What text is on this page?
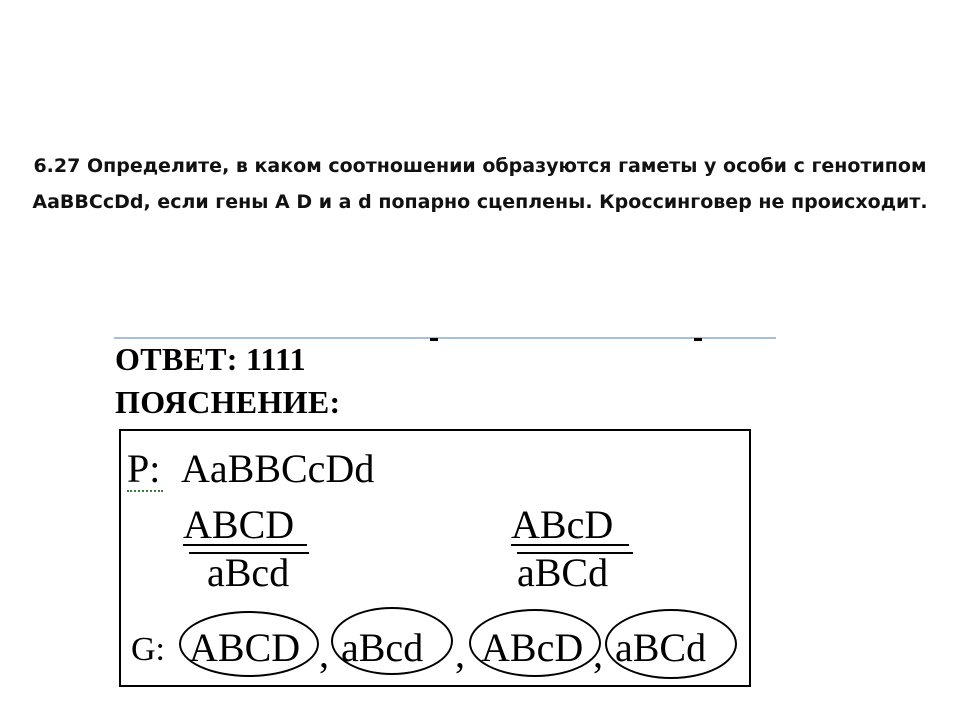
6.27 Определите, в каком соотношении образуются гаметы у особи с генотипом
AaBBCcDd, если гены A D и a d попарно сцеплены. Кроссинговер не происходит.
ОТВЕТ: 1111
ПОЯСНЕНИЕ:
P: AaBBCcDd
ABCD
aBcd
ABcD
aBCd
G: ABCD , aBcd , ABcD , aBCd
